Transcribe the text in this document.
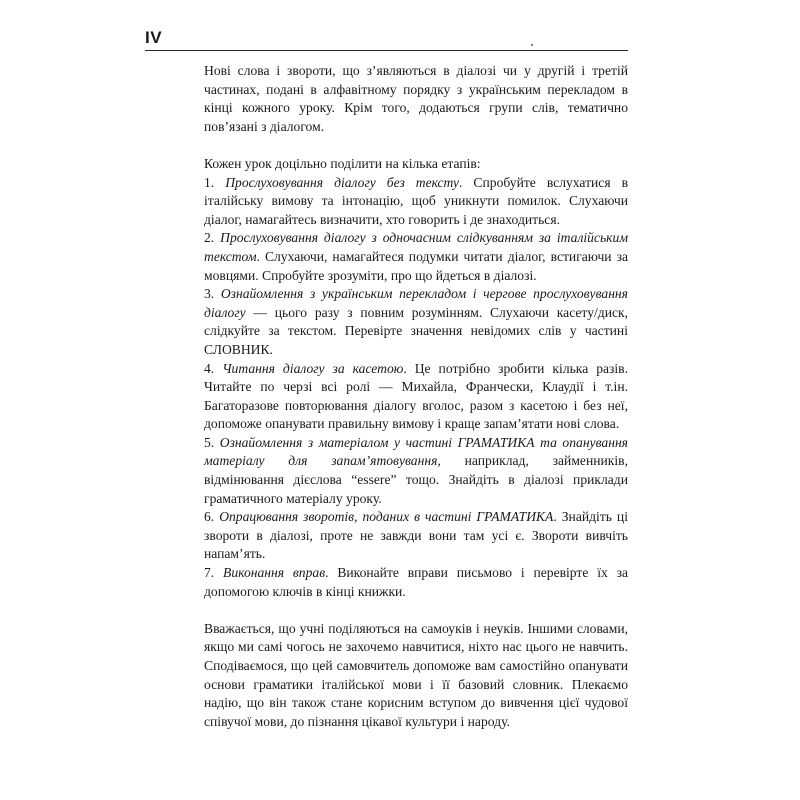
IV

Нові слова і звороти, що з’являються в діалозі чи у другій і третій частинах, подані в алфавітному порядку з українським перекладом в кінці кожного уроку. Крім того, додаються групи слів, тематично пов’язані з діалогом.

Кожен урок доцільно поділити на кілька етапів:

1. Прослуховування діалогу без тексту. Спробуйте вслухатися в італійську вимову та інтонацію, щоб уникнути помилок. Слухаючи діалог, намагайтесь визначити, хто говорить і де знаходиться.

2. Прослуховування діалогу з одночасним слідкуванням за італійським текстом. Слухаючи, намагайтеся подумки читати діалог, встигаючи за мовцями. Спробуйте зрозуміти, про що йдеться в діалозі.

3. Ознайомлення з українським перекладом і чергове прослуховування діалогу — цього разу з повним розумінням. Слухаючи касету/диск, слідкуйте за текстом. Перевірте значення невідомих слів у частині СЛОВНИК.

4. Читання діалогу за касетою. Це потрібно зробити кілька разів. Читайте по черзі всі ролі — Михайла, Франчески, Клаудії і т.ін. Багаторазове повторювання діалогу вголос, разом з касетою і без неї, допоможе опанувати правильну вимову і краще запам’ятати нові слова.

5. Ознайомлення з матеріалом у частині ГРАМАТИКА та опанування матеріалу для запам’ятовування, наприклад, займенників, відмінювання дієслова “essere” тощо. Знайдіть в діалозі приклади граматичного матеріалу уроку.

6. Опрацювання зворотів, поданих в частині ГРАМАТИКА. Знайдіть ці звороти в діалозі, проте не завжди вони там усі є. Звороти вивчіть напам’ять.

7. Виконання вправ. Виконайте вправи письмово і перевірте їх за допомогою ключів в кінці книжки.

Вважається, що учні поділяються на самоуків і неуків. Іншими словами, якщо ми самі чогось не захочемо навчитися, ніхто нас цього не навчить. Сподіваємося, що цей самовчитель допоможе вам самостійно опанувати основи граматики італійської мови і її базовий словник. Плекаємо надію, що він також стане корисним вступом до вивчення цієї чудової співучої мови, до пізнання цікавої культури і народу.
